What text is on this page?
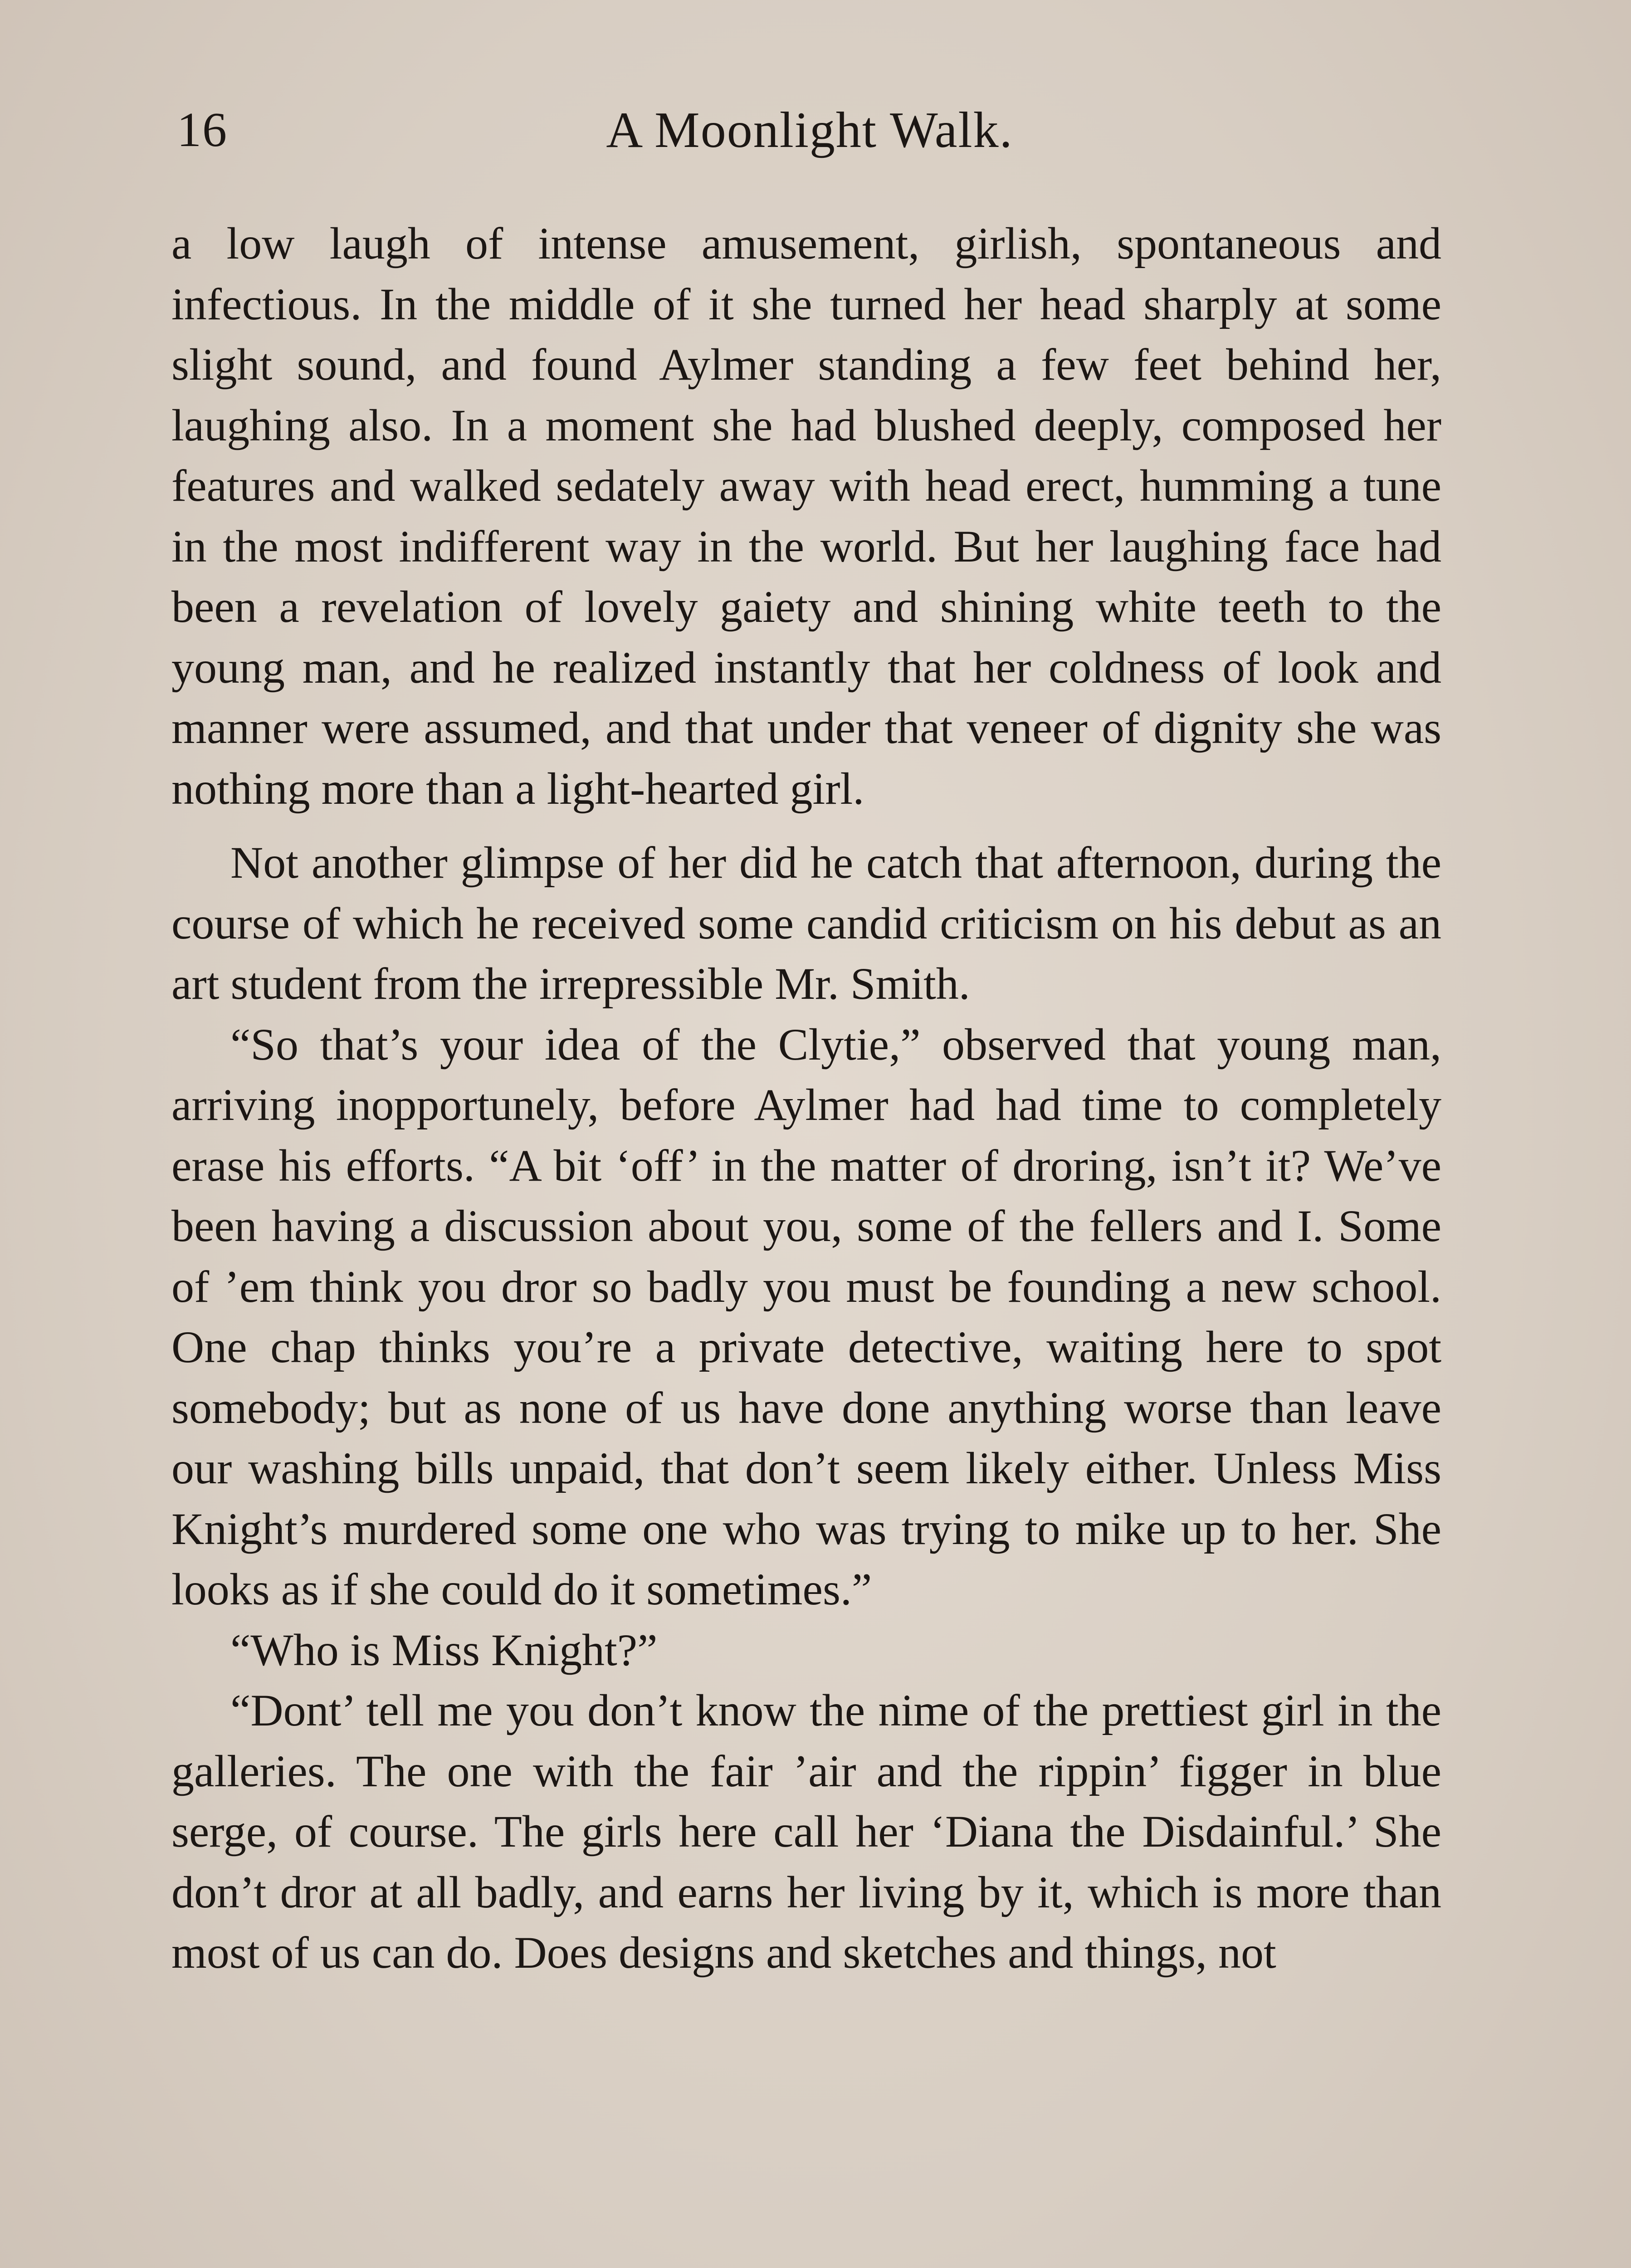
16	A Moonlight Walk.

a low laugh of intense amusement, girlish, spontaneous and infectious. In the middle of it she turned her head sharply at some slight sound, and found Aylmer standing a few feet behind her, laughing also. In a moment she had blushed deeply, composed her features and walked sedately away with head erect, humming a tune in the most indifferent way in the world. But her laughing face had been a revelation of lovely gaiety and shining white teeth to the young man, and he realized instantly that her coldness of look and manner were assumed, and that under that veneer of dignity she was nothing more than a light-hearted girl.

Not another glimpse of her did he catch that afternoon, during the course of which he received some candid criticism on his debut as an art student from the irrepressible Mr. Smith.

“So that’s your idea of the Clytie,” observed that young man, arriving inopportunely, before Aylmer had had time to completely erase his efforts. “A bit ‘off’ in the matter of droring, isn’t it? We’ve been having a discussion about you, some of the fellers and I. Some of ’em think you dror so badly you must be founding a new school. One chap thinks you’re a private detective, waiting here to spot somebody; but as none of us have done anything worse than leave our washing bills unpaid, that don’t seem likely either. Unless Miss Knight’s murdered some one who was trying to mike up to her. She looks as if she could do it sometimes.”

“Who is Miss Knight?”

“Dont’ tell me you don’t know the nime of the prettiest girl in the galleries. The one with the fair ’air and the rippin’ figger in blue serge, of course. The girls here call her ‘Diana the Disdainful.’ She don’t dror at all badly, and earns her living by it, which is more than most of us can do. Does designs and sketches and things, not
